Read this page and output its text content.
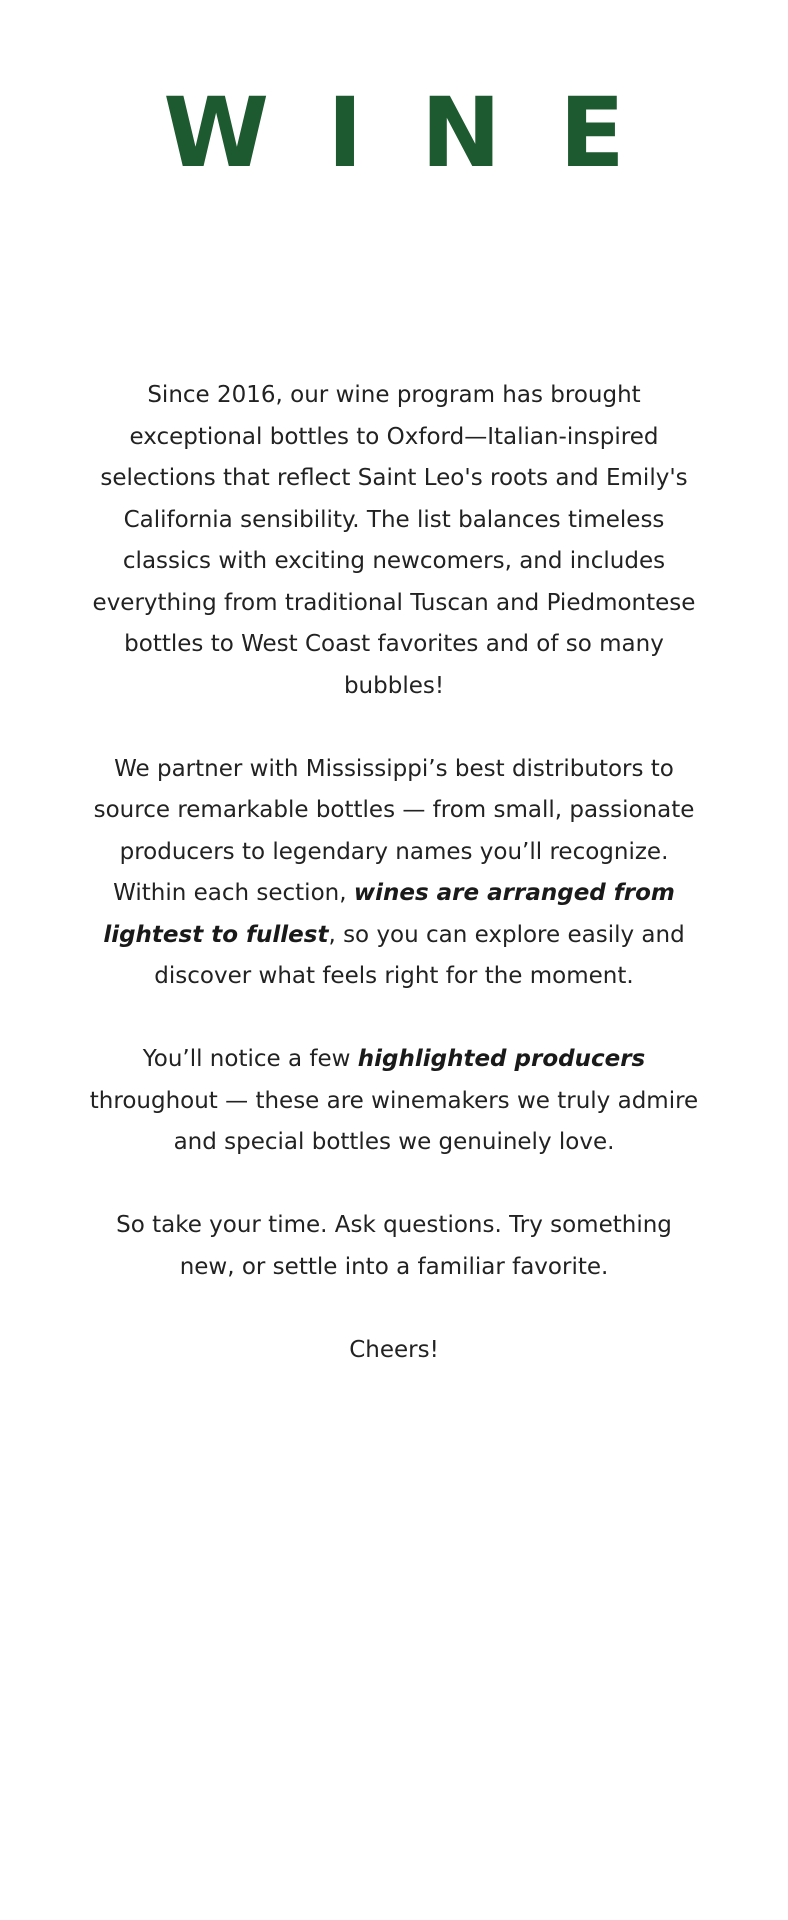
WINE

Since 2016, our wine program has brought exceptional bottles to Oxford—Italian-inspired selections that reflect Saint Leo's roots and Emily's California sensibility. The list balances timeless classics with exciting newcomers, and includes everything from traditional Tuscan and Piedmontese bottles to West Coast favorites and of so many bubbles!

We partner with Mississippi’s best distributors to source remarkable bottles — from small, passionate producers to legendary names you’ll recognize. Within each section, wines are arranged from lightest to fullest, so you can explore easily and discover what feels right for the moment.

You’ll notice a few highlighted producers throughout — these are winemakers we truly admire and special bottles we genuinely love.

So take your time. Ask questions. Try something new, or settle into a familiar favorite.

Cheers!
